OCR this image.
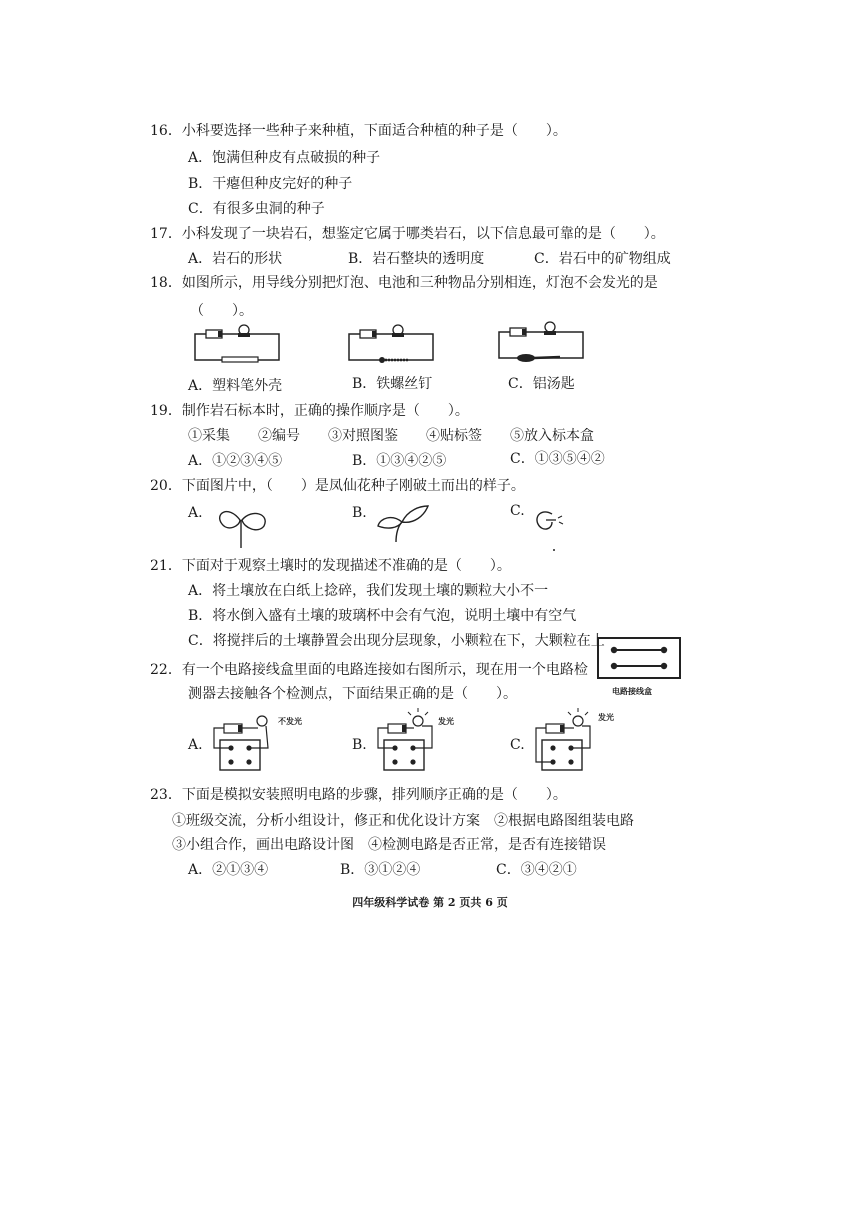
16．小科要选择一些种子来种植，下面适合种植的种子是（　　）。
A．饱满但种皮有点破损的种子
B．干瘪但种皮完好的种子
C．有很多虫洞的种子
17．小科发现了一块岩石，想鉴定它属于哪类岩石，以下信息最可靠的是（　　）。
A．岩石的形状	B．岩石整块的透明度	C．岩石中的矿物组成
18．如图所示，用导线分别把灯泡、电池和三种物品分别相连，灯泡不会发光的是
（　　）。
A．塑料笔外壳	B．铁螺丝钉	C．铝汤匙
19．制作岩石标本时，正确的操作顺序是（　　）。
①采集　　②编号　　③对照图鉴　　④贴标签　　⑤放入标本盒
A．①②③④⑤	B．①③④②⑤	C．①③⑤④②
20．下面图片中，（　　）是凤仙花种子刚破土而出的样子。
A.	B.	C.
21．下面对于观察土壤时的发现描述不准确的是（　　）。
A．将土壤放在白纸上捻碎，我们发现土壤的颗粒大小不一
B．将水倒入盛有土壤的玻璃杯中会有气泡，说明土壤中有空气
C．将搅拌后的土壤静置会出现分层现象，小颗粒在下，大颗粒在上
22．有一个电路接线盒里面的电路连接如右图所示，现在用一个电路检
测器去接触各个检测点，下面结果正确的是（　　）。	电路接线盒
A.
不发光
B.
发光
C.
发光
23．下面是模拟安装照明电路的步骤，排列顺序正确的是（　　）。
①班级交流，分析小组设计，修正和优化设计方案　②根据电路图组装电路
③小组合作，画出电路设计图　④检测电路是否正常，是否有连接错误
A．②①③④	B．③①②④	C．③④②①
四年级科学试卷 第 2 页共 6 页
